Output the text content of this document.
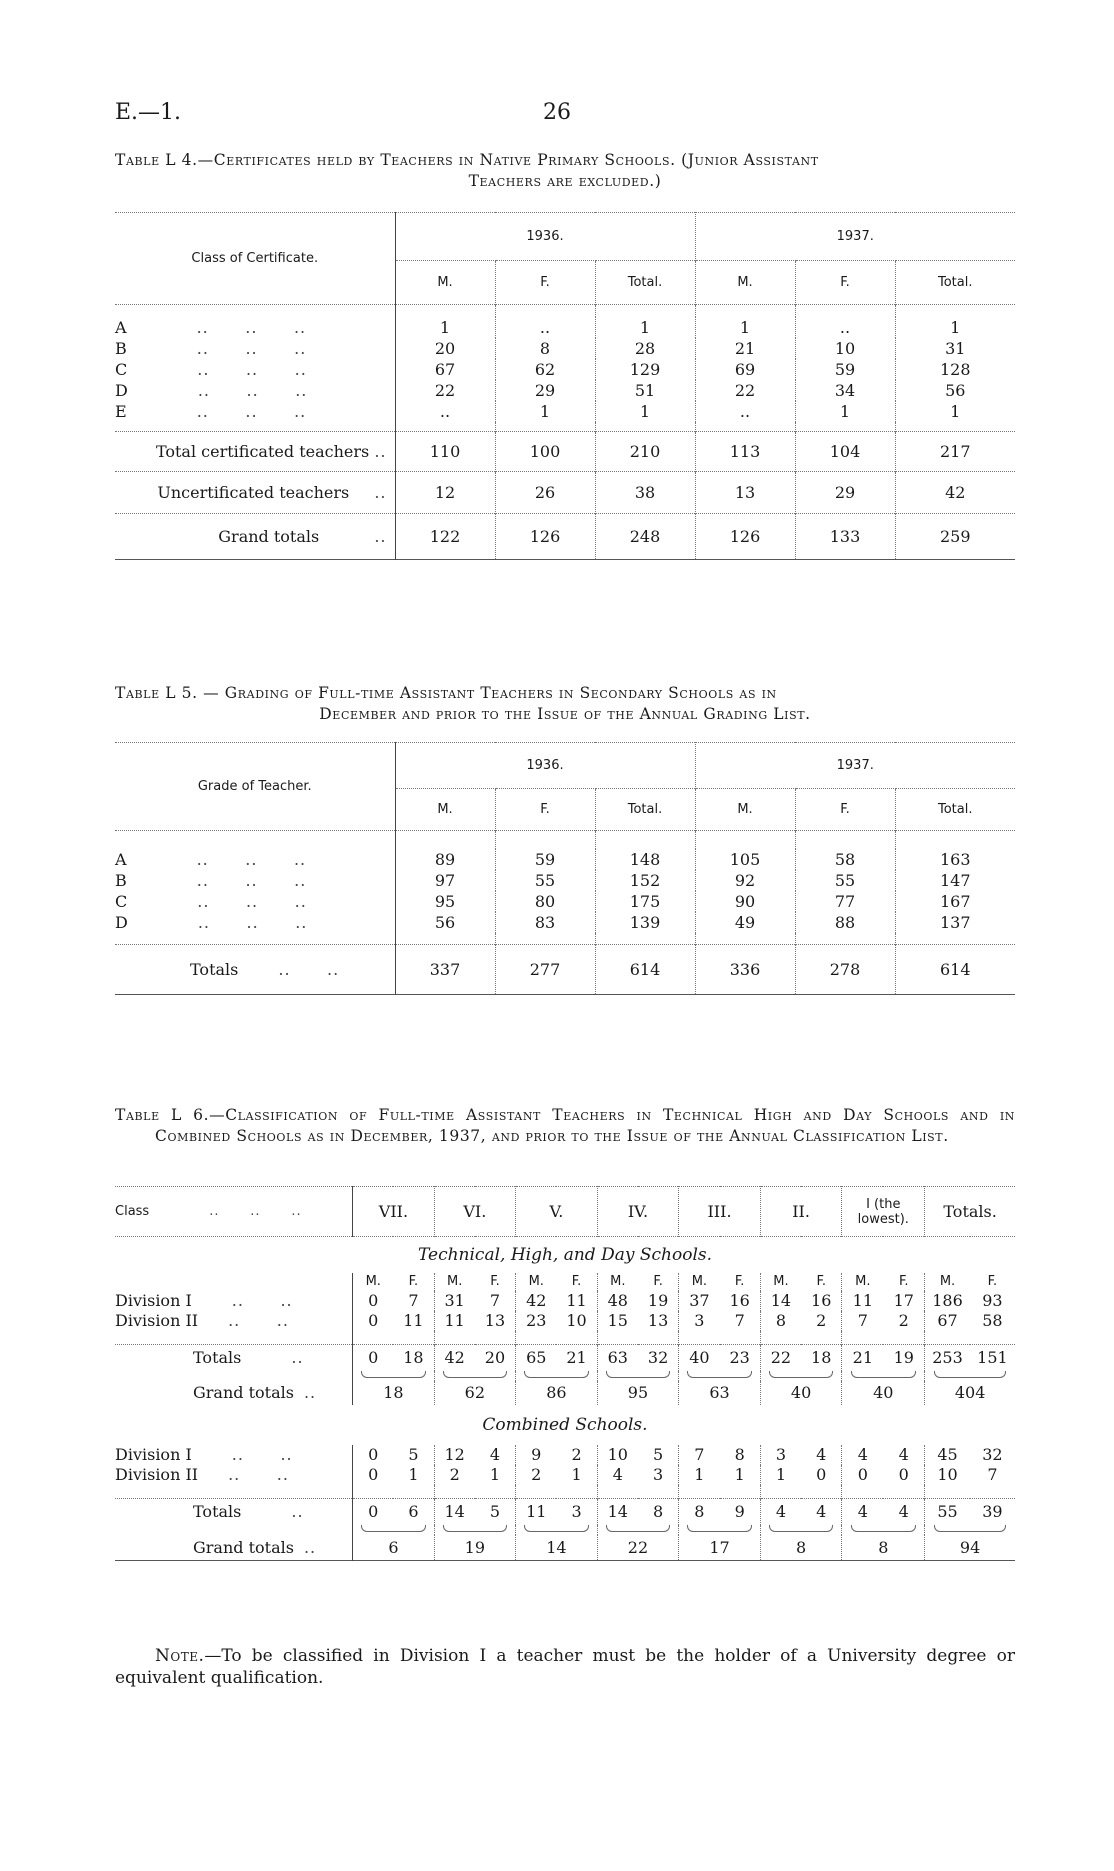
E.—1.	26
Table L 4.—Certificates held by Teachers in Native Primary Schools. (Junior Assistant
Teachers are excluded.)
Class of Certificate.	1936.			1937.		
	M.	F.	Total.	M.	F.	Total.

A ..      ..      ..	1	..	1	1	..	1
B ..      ..      ..	20	8	28	21	10	31
C ..      ..      ..	67	62	129	69	59	128
D ..      ..      ..	22	29	51	22	34	56
E ..      ..      ..	..	1	1	..	1	1

Total certificated teachers ..	110	100	210	113	104	217
Uncertificated teachers ..	12	26	38	13	29	42
Grand totals ..	122	126	248	126	133	259
Table L 5. — Grading of Full-time Assistant Teachers in Secondary Schools as in
December and prior to the Issue of the Annual Grading List.
Grade of Teacher.	1936.			1937.		
	M.	F.	Total.	M.	F.	Total.

A ..      ..      ..	89	59	148	105	58	163
B ..      ..      ..	97	55	152	92	55	147
C ..      ..      ..	95	80	175	90	77	167
D ..      ..      ..	56	83	139	49	88	137

Totals ..      ..	337	277	614	336	278	614
Table L 6.—Classification of Full-time Assistant Teachers in Technical High and Day Schools and in Combined Schools as in December, 1937, and prior to the Issue of the Annual Classification List.
Class ..      ..      ..	VII.		VI.		V.		IV.		III.		II.		I (the lowest).		Totals.	
Technical, High, and Day Schools.																
	M.	F.	M.	F.	M.	F.	M.	F.	M.	F.	M.	F.	M.	F.	M.	F.
Division I ..      ..	0	7	31	7	42	11	48	19	37	16	14	16	11	17	186	93
Division II ..      ..	0	11	11	13	23	10	15	13	3	7	8	2	7	2	67	58

Totals ..	0	18	42	20	65	21	63	32	40	23	22	18	21	19	253	151

Grand totals ..	18		62		86		95		63		40		40		404	
Combined Schools.																
Division I ..      ..	0	5	12	4	9	2	10	5	7	8	3	4	4	4	45	32
Division II ..      ..	0	1	2	1	2	1	4	3	1	1	1	0	0	0	10	7

Totals ..	0	6	14	5	11	3	14	8	8	9	4	4	4	4	55	39

Grand totals ..	6		19		14		22		17		8		8		94	
Note.—To be classified in Division I a teacher must be the holder of a University degree or equivalent qualification.
